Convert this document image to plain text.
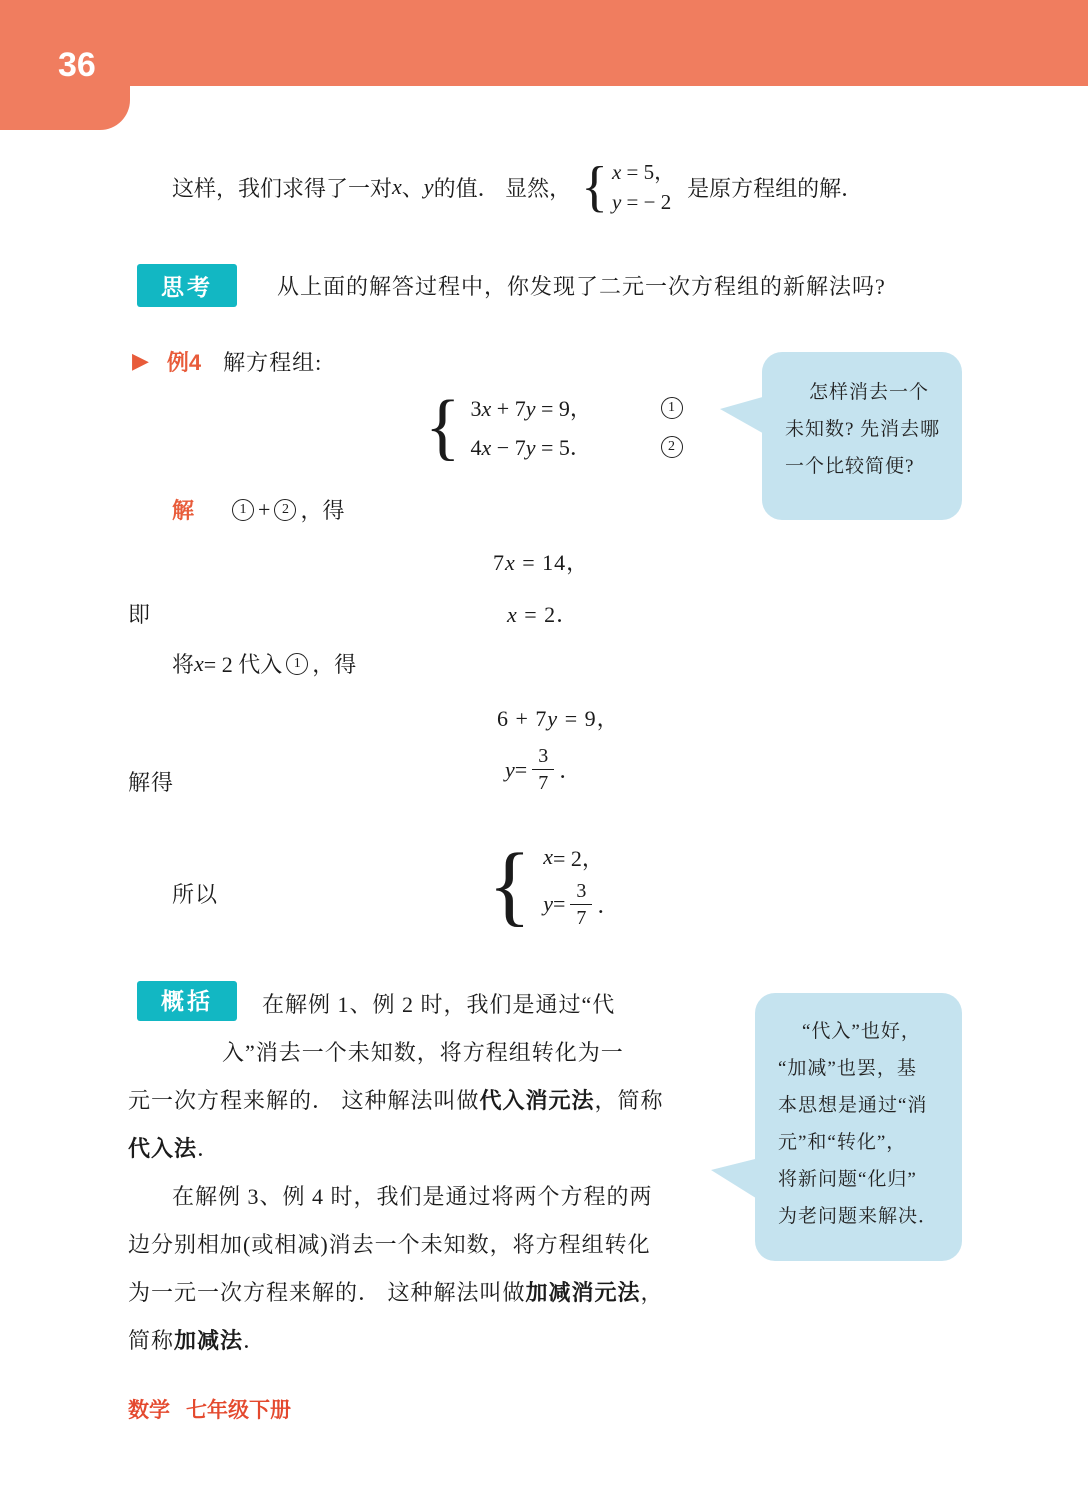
36
这样，我们求得了一对 x 、 y 的值． 显然， { x = 5，
y = − 2
是原方程组的解．
思考	从上面的解答过程中，你发现了二元一次方程组的新解法吗?
▶ 例4 解方程组:
{ 3x + 7y = 9，	1
4x − 7y = 5．	2
怎样消去一个
未知数? 先消去哪
一个比较简便?
解	1 + 2 ，得
7x = 14，
即	x = 2．
将 x = 2 代入 1 ，得
6 + 7y = 9，
解得
$y = \frac{3}{7}$ ．
所以	{ x = 2，
$y = \frac{3}{7}$ ．
概括	在解例 1、例 2 时，我们是通过“代
入”消去一个未知数，将方程组转化为一
元一次方程来解的． 这种解法叫做代入消元法，简称
代入法．
在解例 3、例 4 时，我们是通过将两个方程的两
边分别相加(或相减)消去一个未知数，将方程组转化
为一元一次方程来解的． 这种解法叫做加减消元法，
简称加减法．
“代入”也好，
“加减”也罢，基
本思想是通过“消
元”和“转化”，
将新问题“化归”
为老问题来解决．
数学 七年级下册
